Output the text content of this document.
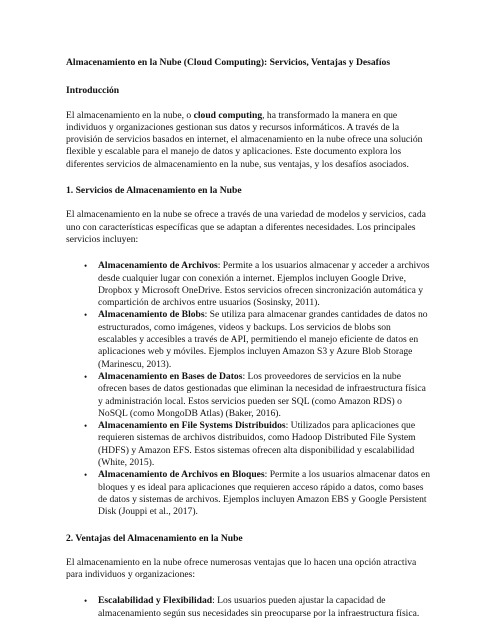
Almacenamiento en la Nube (Cloud Computing): Servicios, Ventajas y Desafíos
Introducción

El almacenamiento en la nube, o cloud computing, ha transformado la manera en que individuos y organizaciones gestionan sus datos y recursos informáticos. A través de la provisión de servicios basados en internet, el almacenamiento en la nube ofrece una solución flexible y escalable para el manejo de datos y aplicaciones. Este documento explora los diferentes servicios de almacenamiento en la nube, sus ventajas, y los desafíos asociados.

1. Servicios de Almacenamiento en la Nube

El almacenamiento en la nube se ofrece a través de una variedad de modelos y servicios, cada uno con características específicas que se adaptan a diferentes necesidades. Los principales servicios incluyen:

• Almacenamiento de Archivos: Permite a los usuarios almacenar y acceder a archivos desde cualquier lugar con conexión a internet. Ejemplos incluyen Google Drive, Dropbox y Microsoft OneDrive. Estos servicios ofrecen sincronización automática y compartición de archivos entre usuarios (Sosinsky, 2011).
• Almacenamiento de Blobs: Se utiliza para almacenar grandes cantidades de datos no estructurados, como imágenes, videos y backups. Los servicios de blobs son escalables y accesibles a través de API, permitiendo el manejo eficiente de datos en aplicaciones web y móviles. Ejemplos incluyen Amazon S3 y Azure Blob Storage (Marinescu, 2013).
• Almacenamiento en Bases de Datos: Los proveedores de servicios en la nube ofrecen bases de datos gestionadas que eliminan la necesidad de infraestructura física y administración local. Estos servicios pueden ser SQL (como Amazon RDS) o NoSQL (como MongoDB Atlas) (Baker, 2016).
• Almacenamiento en File Systems Distribuidos: Utilizados para aplicaciones que requieren sistemas de archivos distribuidos, como Hadoop Distributed File System (HDFS) y Amazon EFS. Estos sistemas ofrecen alta disponibilidad y escalabilidad (White, 2015).
• Almacenamiento de Archivos en Bloques: Permite a los usuarios almacenar datos en bloques y es ideal para aplicaciones que requieren acceso rápido a datos, como bases de datos y sistemas de archivos. Ejemplos incluyen Amazon EBS y Google Persistent Disk (Jouppi et al., 2017).
2. Ventajas del Almacenamiento en la Nube

El almacenamiento en la nube ofrece numerosas ventajas que lo hacen una opción atractiva para individuos y organizaciones:

• Escalabilidad y Flexibilidad: Los usuarios pueden ajustar la capacidad de almacenamiento según sus necesidades sin preocuparse por la infraestructura física.
